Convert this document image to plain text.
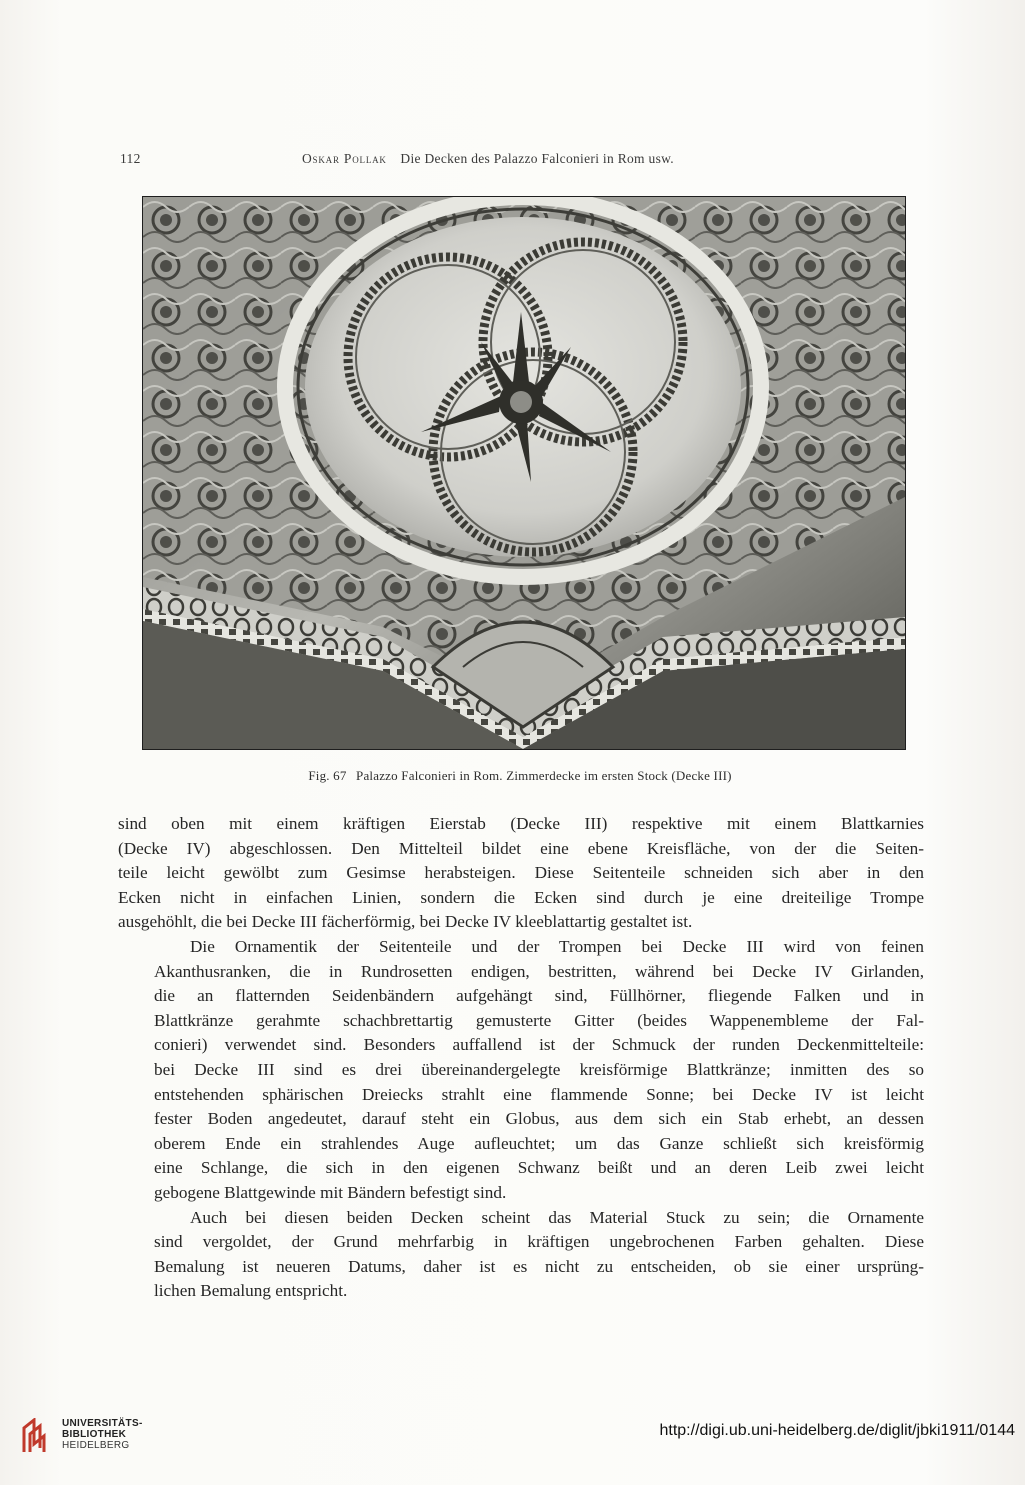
112	Oskar Pollak Die Decken des Palazzo Falconieri in Rom usw.
Fig. 67 Palazzo Falconieri in Rom. Zimmerdecke im ersten Stock (Decke III)

sind oben mit einem kräftigen Eierstab (Decke III) respektive mit einem Blattkarnies
(Decke IV) abgeschlossen. Den Mittelteil bildet eine ebene Kreisfläche, von der die Seiten-
teile leicht gewölbt zum Gesimse herabsteigen. Diese Seitenteile schneiden sich aber in den
Ecken nicht in einfachen Linien, sondern die Ecken sind durch je eine dreiteilige Trompe
ausgehöhlt, die bei Decke III fächerförmig, bei Decke IV kleeblattartig gestaltet ist.

Die Ornamentik der Seitenteile und der Trompen bei Decke III wird von feinen
Akanthusranken, die in Rundrosetten endigen, bestritten, während bei Decke IV Girlanden,
die an flatternden Seidenbändern aufgehängt sind, Füllhörner, fliegende Falken und in
Blattkränze gerahmte schachbrettartig gemusterte Gitter (beides Wappenembleme der Fal-
conieri) verwendet sind. Besonders auffallend ist der Schmuck der runden Deckenmittelteile:
bei Decke III sind es drei übereinandergelegte kreisförmige Blattkränze; inmitten des so
entstehenden sphärischen Dreiecks strahlt eine flammende Sonne; bei Decke IV ist leicht
fester Boden angedeutet, darauf steht ein Globus, aus dem sich ein Stab erhebt, an dessen
oberem Ende ein strahlendes Auge aufleuchtet; um das Ganze schließt sich kreisförmig
eine Schlange, die sich in den eigenen Schwanz beißt und an deren Leib zwei leicht
gebogene Blattgewinde mit Bändern befestigt sind.

Auch bei diesen beiden Decken scheint das Material Stuck zu sein; die Ornamente
sind vergoldet, der Grund mehrfarbig in kräftigen ungebrochenen Farben gehalten. Diese
Bemalung ist neueren Datums, daher ist es nicht zu entscheiden, ob sie einer ursprüng-
lichen Bemalung entspricht.

UNIVERSITÄTS-
BIBLIOTHEK
HEIDELBERG
http://digi.ub.uni-heidelberg.de/diglit/jbki1911/0144
